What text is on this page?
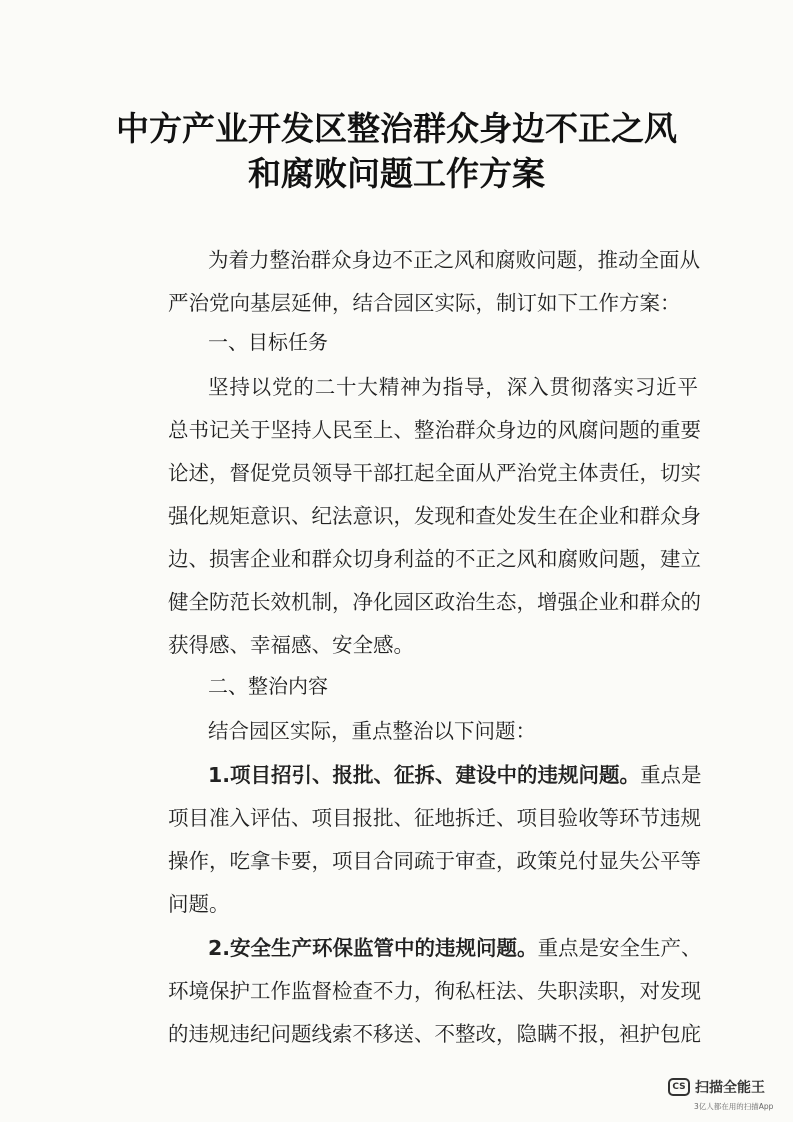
中方产业开发区整治群众身边不正之风
和腐败问题工作方案
为着力整治群众身边不正之风和腐败问题，推动全面从
严治党向基层延伸，结合园区实际，制订如下工作方案：
一、目标任务
坚持以党的二十大精神为指导，深入贯彻落实习近平
总书记关于坚持人民至上、整治群众身边的风腐问题的重要
论述，督促党员领导干部扛起全面从严治党主体责任，切实
强化规矩意识、纪法意识，发现和查处发生在企业和群众身
边、损害企业和群众切身利益的不正之风和腐败问题，建立
健全防范长效机制，净化园区政治生态，增强企业和群众的
获得感、幸福感、安全感。
二、整治内容
结合园区实际，重点整治以下问题：
1.项目招引、报批、征拆、建设中的违规问题。重点是
项目准入评估、项目报批、征地拆迁、项目验收等环节违规
操作，吃拿卡要，项目合同疏于审查，政策兑付显失公平等
问题。
2.安全生产环保监管中的违规问题。重点是安全生产、
环境保护工作监督检查不力，徇私枉法、失职渎职，对发现
的违规违纪问题线索不移送、不整改，隐瞒不报，袒护包庇
CS 扫描全能王
3亿人都在用的扫描App
